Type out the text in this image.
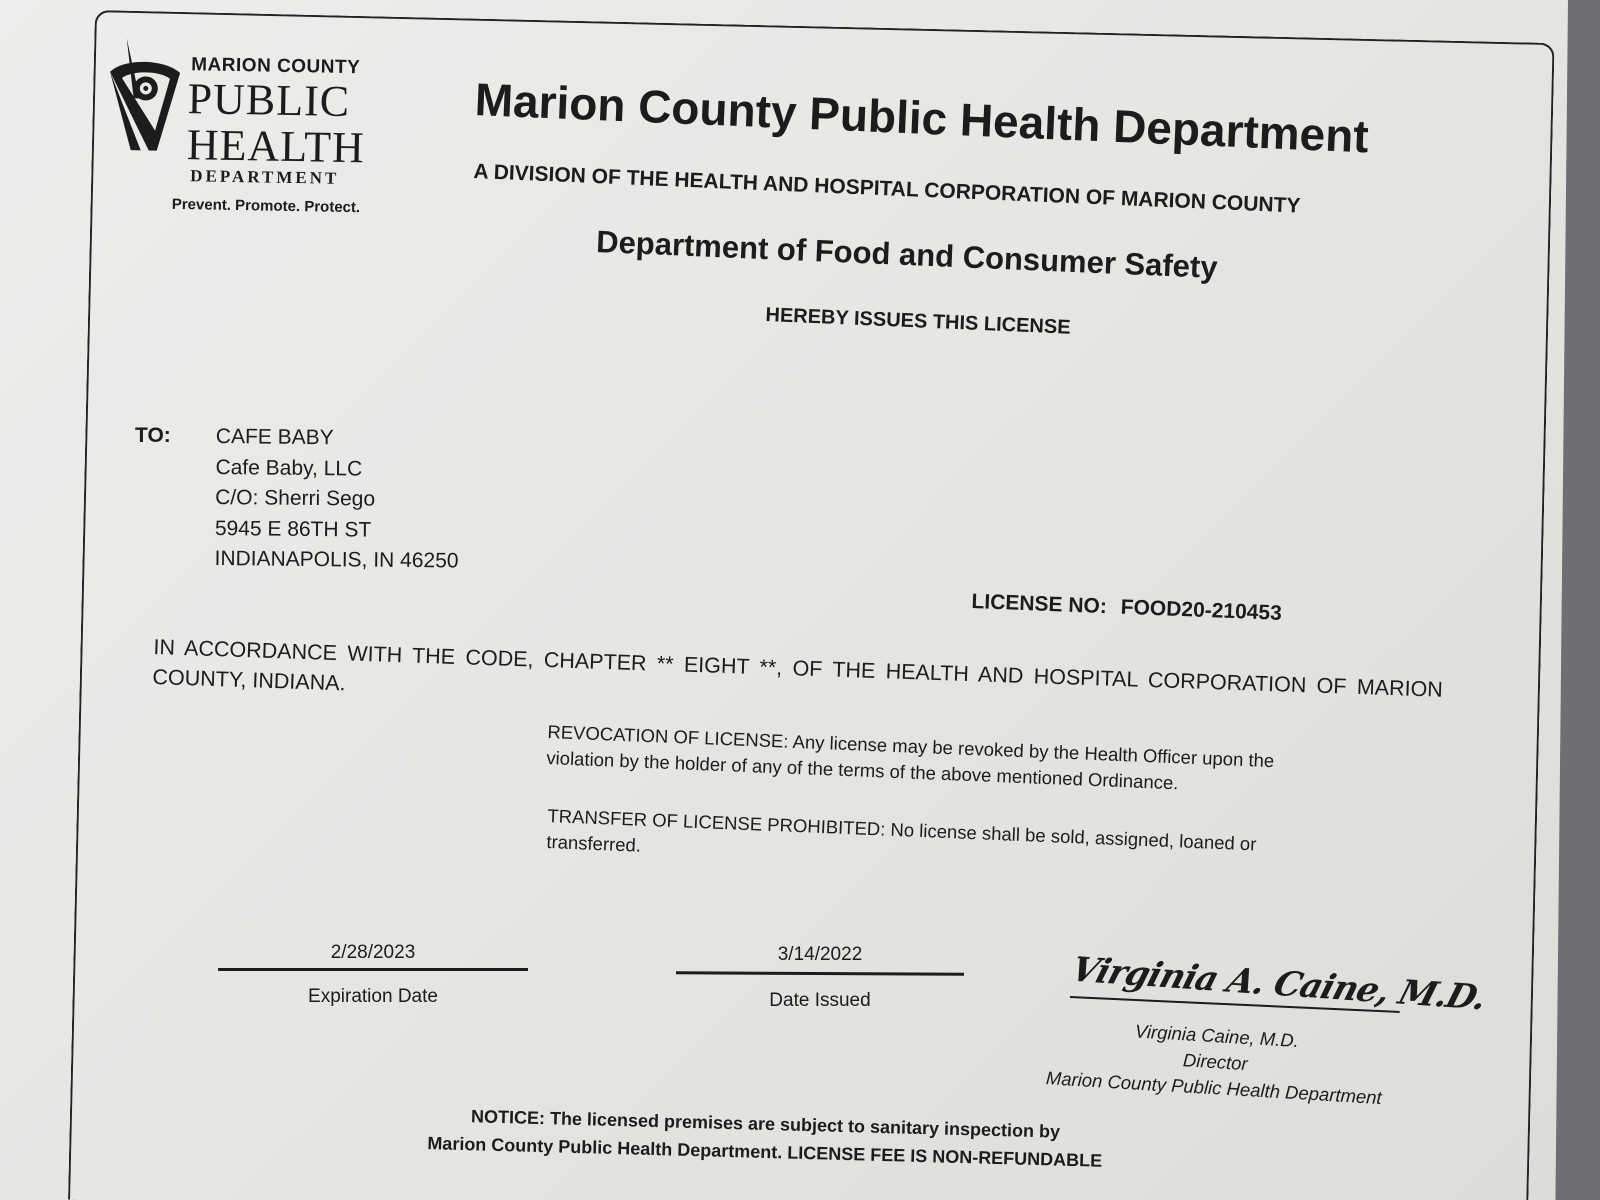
MARION COUNTY
PUBLIC
HEALTH
DEPARTMENT
Prevent. Promote. Protect.
Marion County Public Health Department
A DIVISION OF THE HEALTH AND HOSPITAL CORPORATION OF MARION COUNTY
Department of Food and Consumer Safety
HEREBY ISSUES THIS LICENSE
TO: CAFE BABY
Cafe Baby, LLC
C/O: Sherri Sego
5945 E 86TH ST
INDIANAPOLIS, IN 46250
LICENSE NO: FOOD20-210453
IN ACCORDANCE WITH THE CODE, CHAPTER ** EIGHT **, OF THE HEALTH AND HOSPITAL CORPORATION OF MARION COUNTY, INDIANA.
REVOCATION OF LICENSE: Any license may be revoked by the Health Officer upon the violation by the holder of any of the terms of the above mentioned Ordinance.
TRANSFER OF LICENSE PROHIBITED: No license shall be sold, assigned, loaned or transferred.
2/28/2023
Expiration Date
3/14/2022
Date Issued	Virginia A. Caine, M.D.
Virginia Caine, M.D.
Director
Marion County Public Health Department
NOTICE: The licensed premises are subject to sanitary inspection by
Marion County Public Health Department. LICENSE FEE IS NON-REFUNDABLE
